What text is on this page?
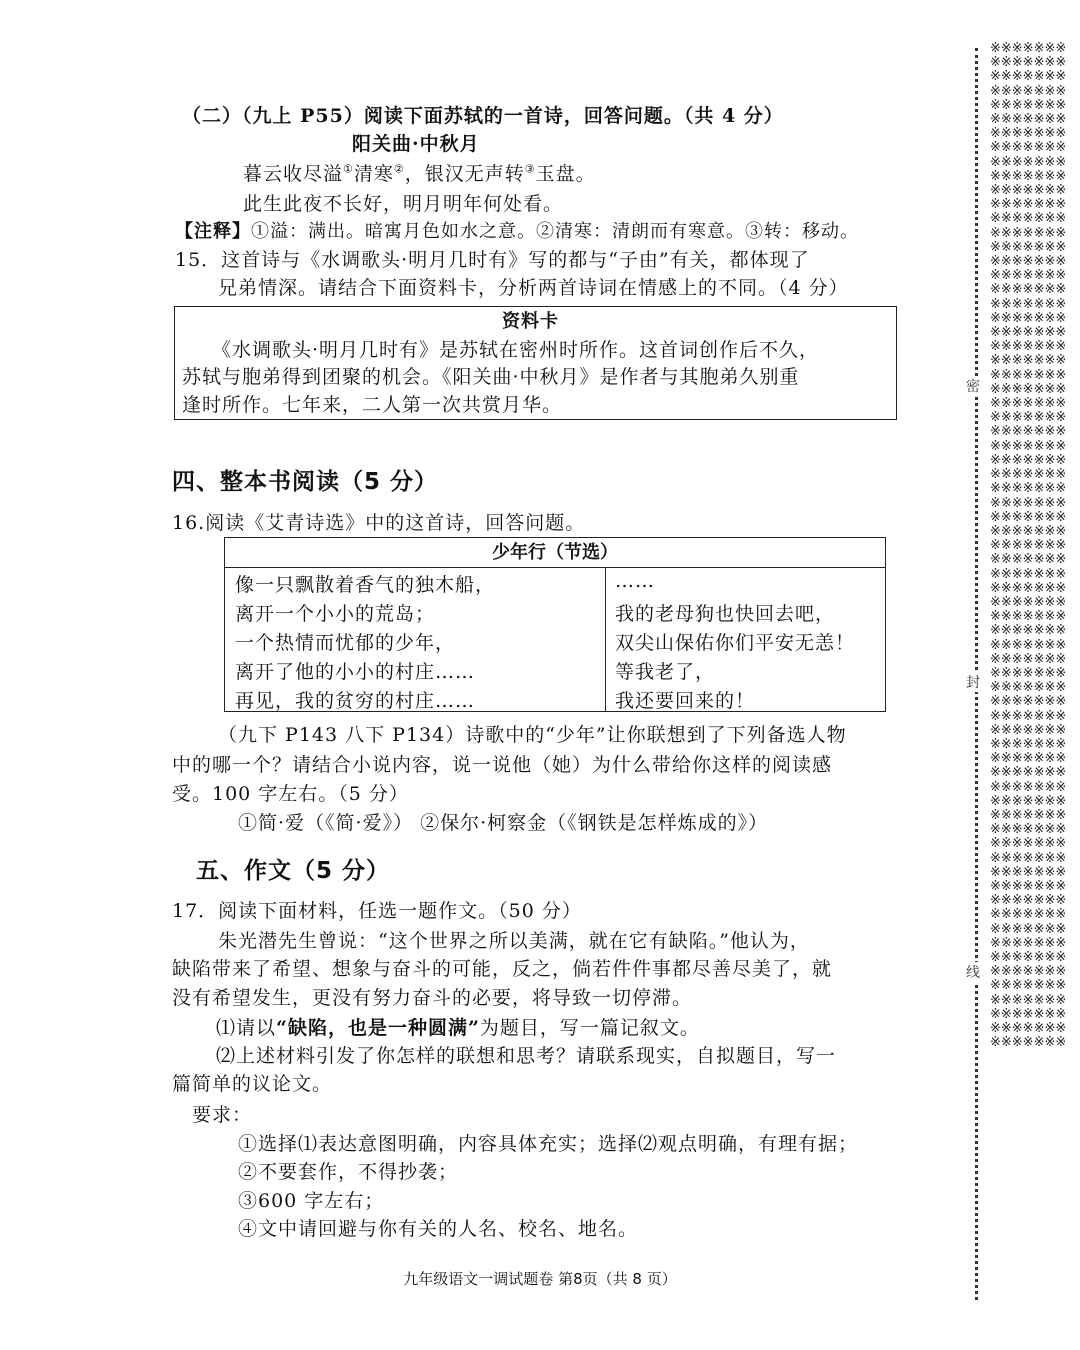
（二）（九上 P55）阅读下面苏轼的一首诗，回答问题。（共 4 分）
阳关曲·中秋月
暮云收尽溢①清寒②，银汉无声转③玉盘。
此生此夜不长好，明月明年何处看。
【注释】①溢：满出。暗寓月色如水之意。②清寒：清朗而有寒意。③转：移动。
15．这首诗与《水调歌头·明月几时有》写的都与“子由”有关，都体现了
兄弟情深。请结合下面资料卡，分析两首诗词在情感上的不同。（4 分）
资料卡
《水调歌头·明月几时有》是苏轼在密州时所作。这首词创作后不久，
苏轼与胞弟得到团聚的机会。《阳关曲·中秋月》是作者与其胞弟久别重
逢时所作。七年来，二人第一次共赏月华。
四、整本书阅读（5 分）
16.阅读《艾青诗选》中的这首诗，回答问题。
少年行（节选）
像一只飘散着香气的独木船，
离开一个小小的荒岛；
一个热情而忧郁的少年，
离开了他的小小的村庄……
再见，我的贫穷的村庄……
……
我的老母狗也快回去吧，
双尖山保佑你们平安无恙！
等我老了，
我还要回来的！
（九下 P143 八下 P134）诗歌中的“少年”让你联想到了下列备选人物
中的哪一个？请结合小说内容，说一说他（她）为什么带给你这样的阅读感
受。100 字左右。（5 分）
①简·爱（《简·爱》） ②保尔·柯察金（《钢铁是怎样炼成的》）
五、作文（5 分）
17．阅读下面材料，任选一题作文。（50 分）
朱光潜先生曾说：“这个世界之所以美满，就在它有缺陷。”他认为，
缺陷带来了希望、想象与奋斗的可能，反之，倘若件件事都尽善尽美了，就
没有希望发生，更没有努力奋斗的必要，将导致一切停滞。
⑴请以“缺陷，也是一种圆满”为题目，写一篇记叙文。
⑵上述材料引发了你怎样的联想和思考？请联系现实，自拟题目，写一
篇简单的议论文。
要求：
①选择⑴表达意图明确，内容具体充实；选择⑵观点明确，有理有据；
②不要套作，不得抄袭；
③600 字左右；
④文中请回避与你有关的人名、校名、地名。
九年级语文一调试题卷 第8页（共 8 页）
※※※※※※※※※※※※※※※※※※※※※※※※※※※※※※※※※※※※※※※※※※※※※※※※※※※※※※※※※※※※※※※※※※※※※※※※※※※※※※※※※※※※※※※※※※※※※※※※※※※※※※※※※※※※※※※※※※※※※※※※※※※※※※※※※※※※※※※※※※※※※※※※※※※※※※※※※※※※※※※※※※※※※※※※※※※※※※※※※※※※※※※※※※※※※※※※※※※※※※※※※※※※※※※※※※※※※※※※※※※※※※※※※※※※※※※※※※※※※※※※※※※※※※※※※※※※※※※※※※※※※※※※※※※※※※※※※※※※※※※※※※※※※※※※※※※※※※※※※※※※※※※※※※※※※※※※※※※※※※※※※※※※※※※※※※※※※※※※※※※※※※※※※※※※※※※※※※※※※※※※※※※※※※※※※※※※※※※※※※※※※※※※※※※※※※※※※※※※※※※※※※※※※※※※※※※※※※※※※※※※※※※※※※※※※※※※※※※※※※※※※※※※※※※※※※※※※※※※※※※※※※※※※※※※※※※※※※※※※※※※※※※※※※※※※※※※※※※※※
密
封
线
